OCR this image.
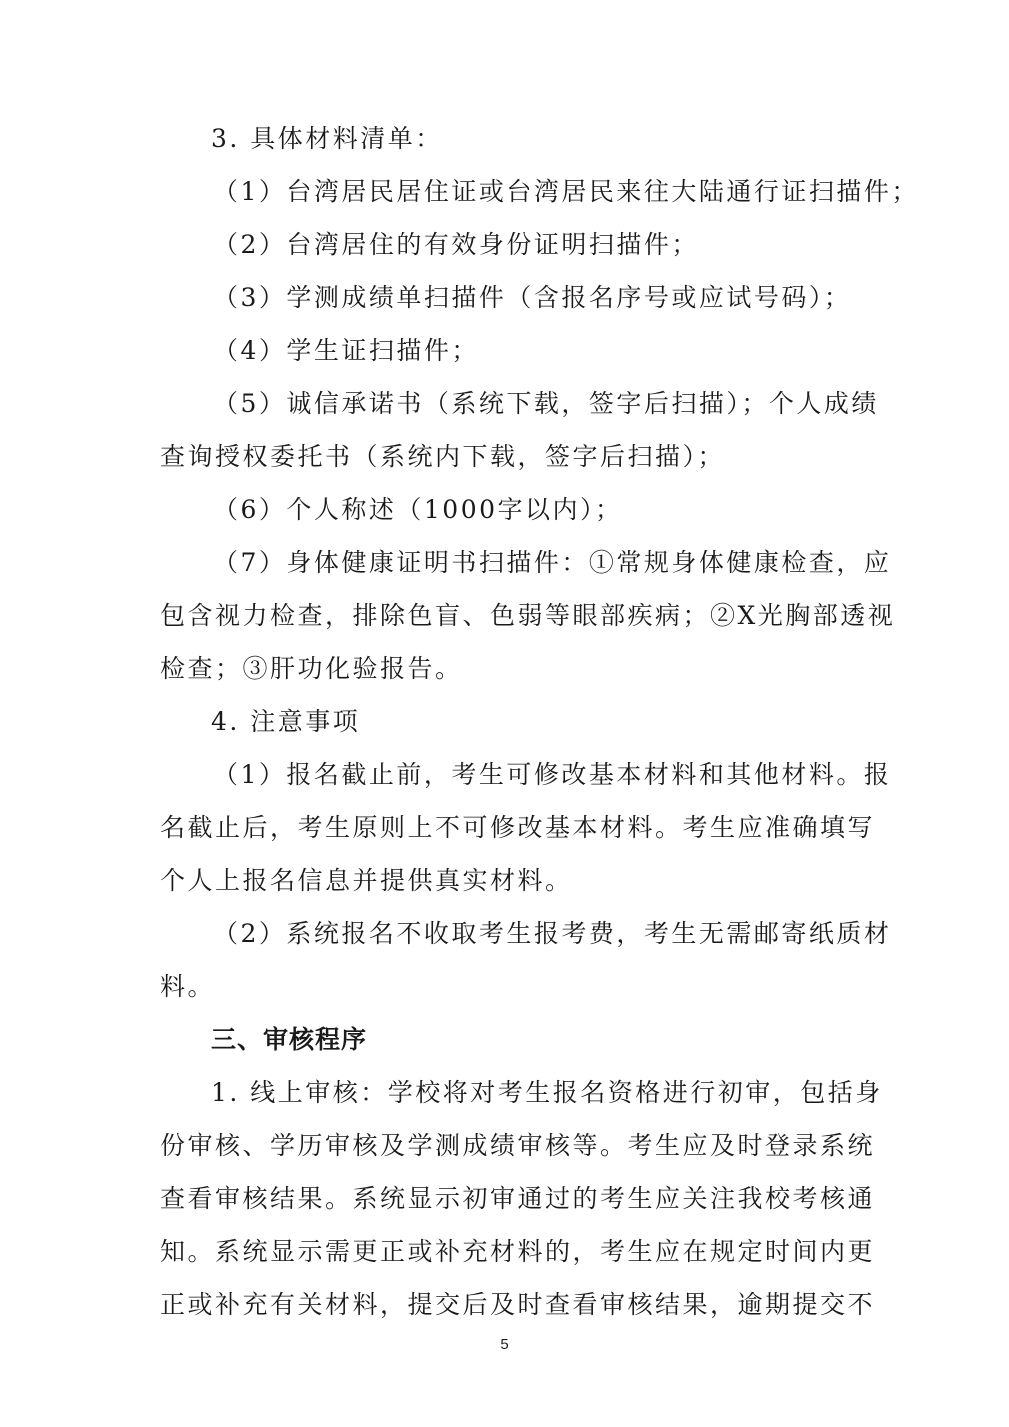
3. 具体材料清单：
（1）台湾居民居住证或台湾居民来往大陆通行证扫描件；
（2）台湾居住的有效身份证明扫描件；
（3）学测成绩单扫描件（含报名序号或应试号码）；
（4）学生证扫描件；
（5）诚信承诺书（系统下载，签字后扫描）；个人成绩
查询授权委托书（系统内下载，签字后扫描）；
（6）个人称述（1000字以内）；
（7）身体健康证明书扫描件：①常规身体健康检查，应
包含视力检查，排除色盲、色弱等眼部疾病；②X光胸部透视
检查；③肝功化验报告。
4. 注意事项
（1）报名截止前，考生可修改基本材料和其他材料。报
名截止后，考生原则上不可修改基本材料。考生应准确填写
个人上报名信息并提供真实材料。
（2）系统报名不收取考生报考费，考生无需邮寄纸质材
料。
三、审核程序
1. 线上审核：学校将对考生报名资格进行初审，包括身
份审核、学历审核及学测成绩审核等。考生应及时登录系统
查看审核结果。系统显示初审通过的考生应关注我校考核通
知。系统显示需更正或补充材料的，考生应在规定时间内更
正或补充有关材料，提交后及时查看审核结果，逾期提交不
5
